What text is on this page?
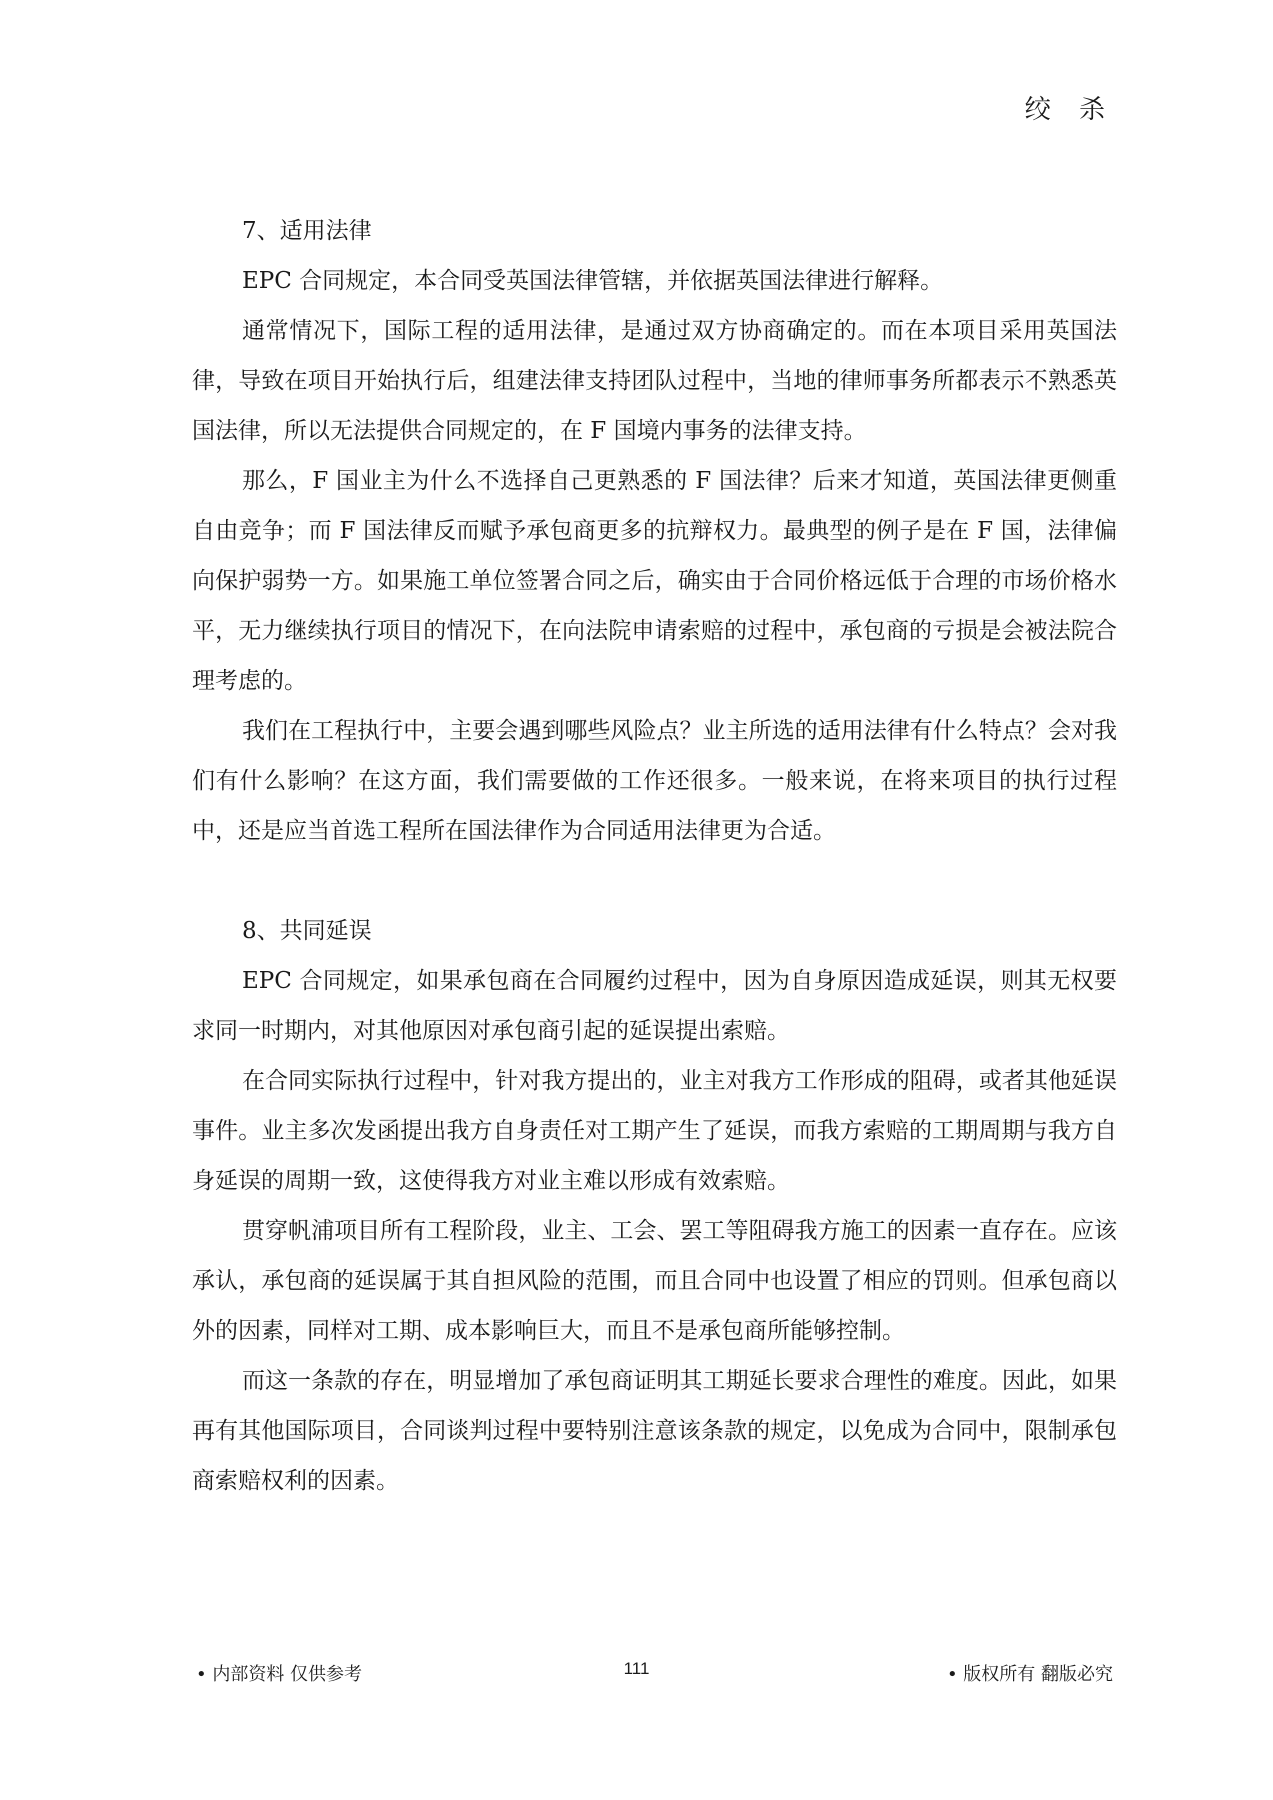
绞 杀

7、适用法律

EPC 合同规定，本合同受英国法律管辖，并依据英国法律进行解释。

通常情况下，国际工程的适用法律，是通过双方协商确定的。而在本项目采用英国法律，导致在项目开始执行后，组建法律支持团队过程中，当地的律师事务所都表示不熟悉英国法律，所以无法提供合同规定的，在 F 国境内事务的法律支持。

那么，F 国业主为什么不选择自己更熟悉的 F 国法律？后来才知道，英国法律更侧重自由竞争；而 F 国法律反而赋予承包商更多的抗辩权力。最典型的例子是在 F 国，法律偏向保护弱势一方。如果施工单位签署合同之后，确实由于合同价格远低于合理的市场价格水平，无力继续执行项目的情况下，在向法院申请索赔的过程中，承包商的亏损是会被法院合理考虑的。

我们在工程执行中，主要会遇到哪些风险点？业主所选的适用法律有什么特点？会对我们有什么影响？在这方面，我们需要做的工作还很多。一般来说，在将来项目的执行过程中，还是应当首选工程所在国法律作为合同适用法律更为合适。

8、共同延误

EPC 合同规定，如果承包商在合同履约过程中，因为自身原因造成延误，则其无权要求同一时期内，对其他原因对承包商引起的延误提出索赔。

在合同实际执行过程中，针对我方提出的，业主对我方工作形成的阻碍，或者其他延误事件。业主多次发函提出我方自身责任对工期产生了延误，而我方索赔的工期周期与我方自身延误的周期一致，这使得我方对业主难以形成有效索赔。

贯穿帆浦项目所有工程阶段，业主、工会、罢工等阻碍我方施工的因素一直存在。应该承认，承包商的延误属于其自担风险的范围，而且合同中也设置了相应的罚则。但承包商以外的因素，同样对工期、成本影响巨大，而且不是承包商所能够控制。

而这一条款的存在，明显增加了承包商证明其工期延长要求合理性的难度。因此，如果再有其他国际项目，合同谈判过程中要特别注意该条款的规定，以免成为合同中，限制承包商索赔权利的因素。

• 内部资料 仅供参考	111	• 版权所有 翻版必究
